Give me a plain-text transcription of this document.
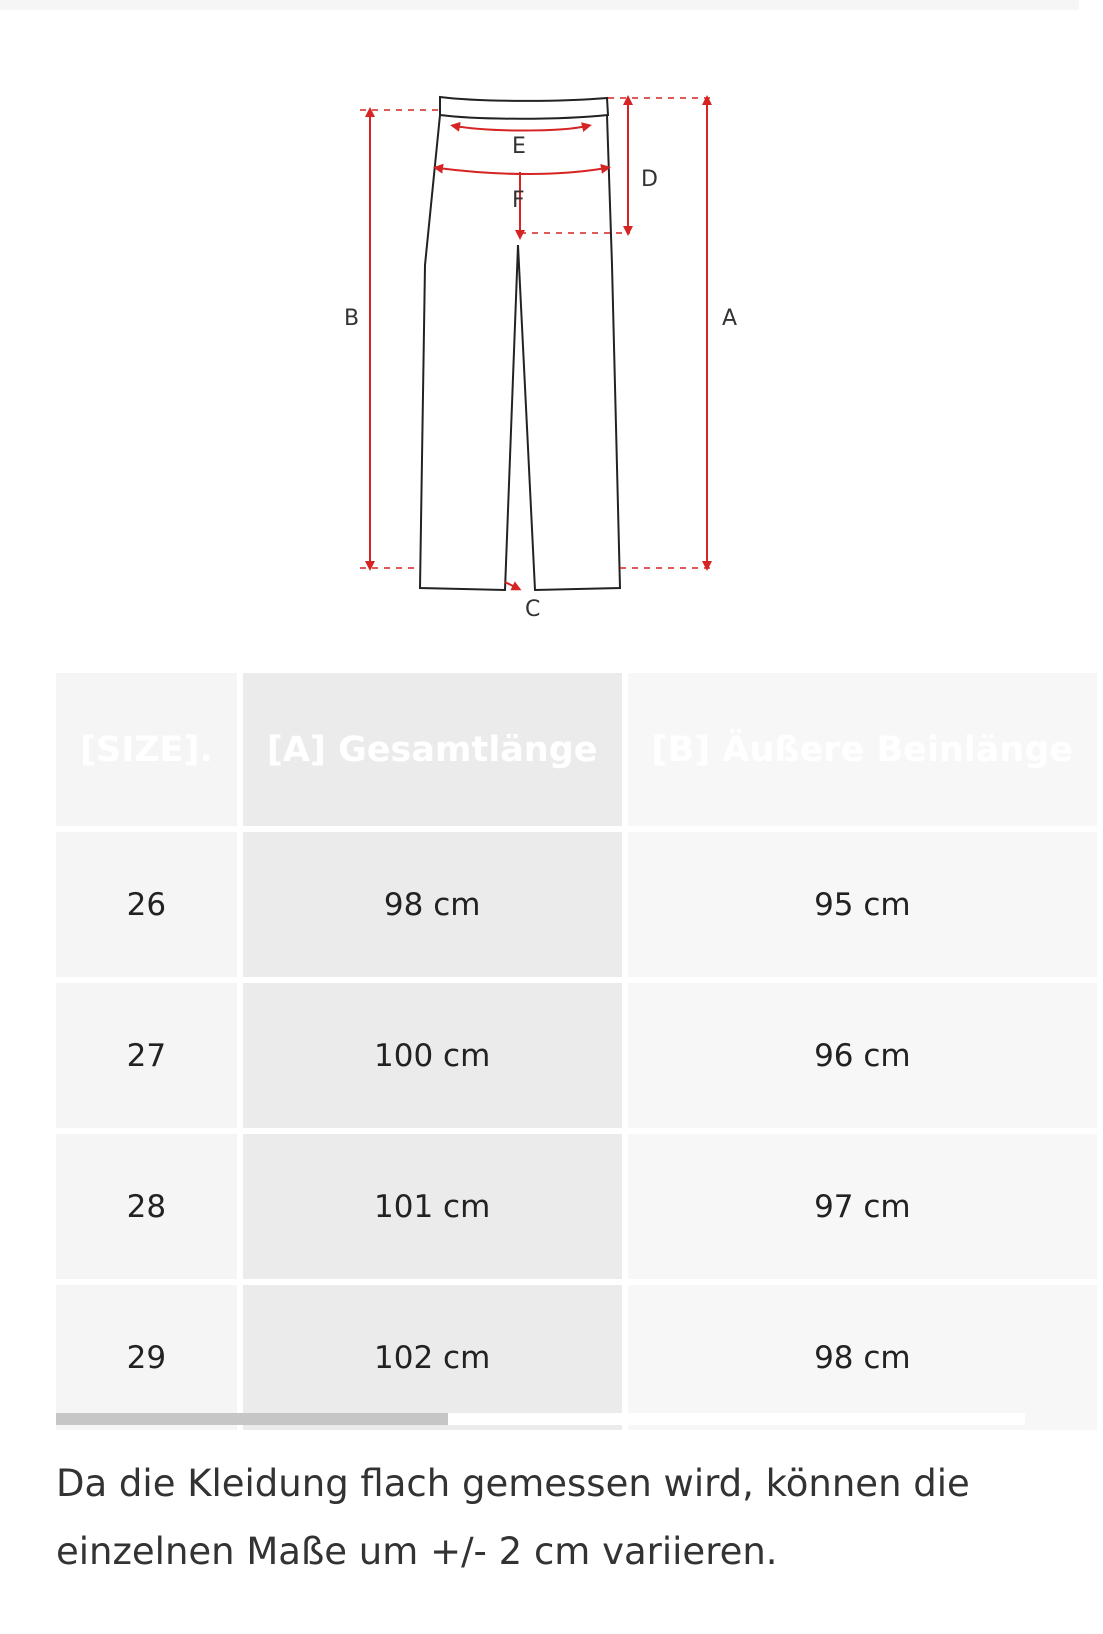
B	A
D
E
F
C
[SIZE].	[A] Gesamtlänge	[B] Äußere Beinlänge
26	98 cm	95 cm
27	100 cm	96 cm
28	101 cm	97 cm
29	102 cm	98 cm

Da die Kleidung flach gemessen wird, können die einzelnen Maße um +/- 2 cm variieren.
